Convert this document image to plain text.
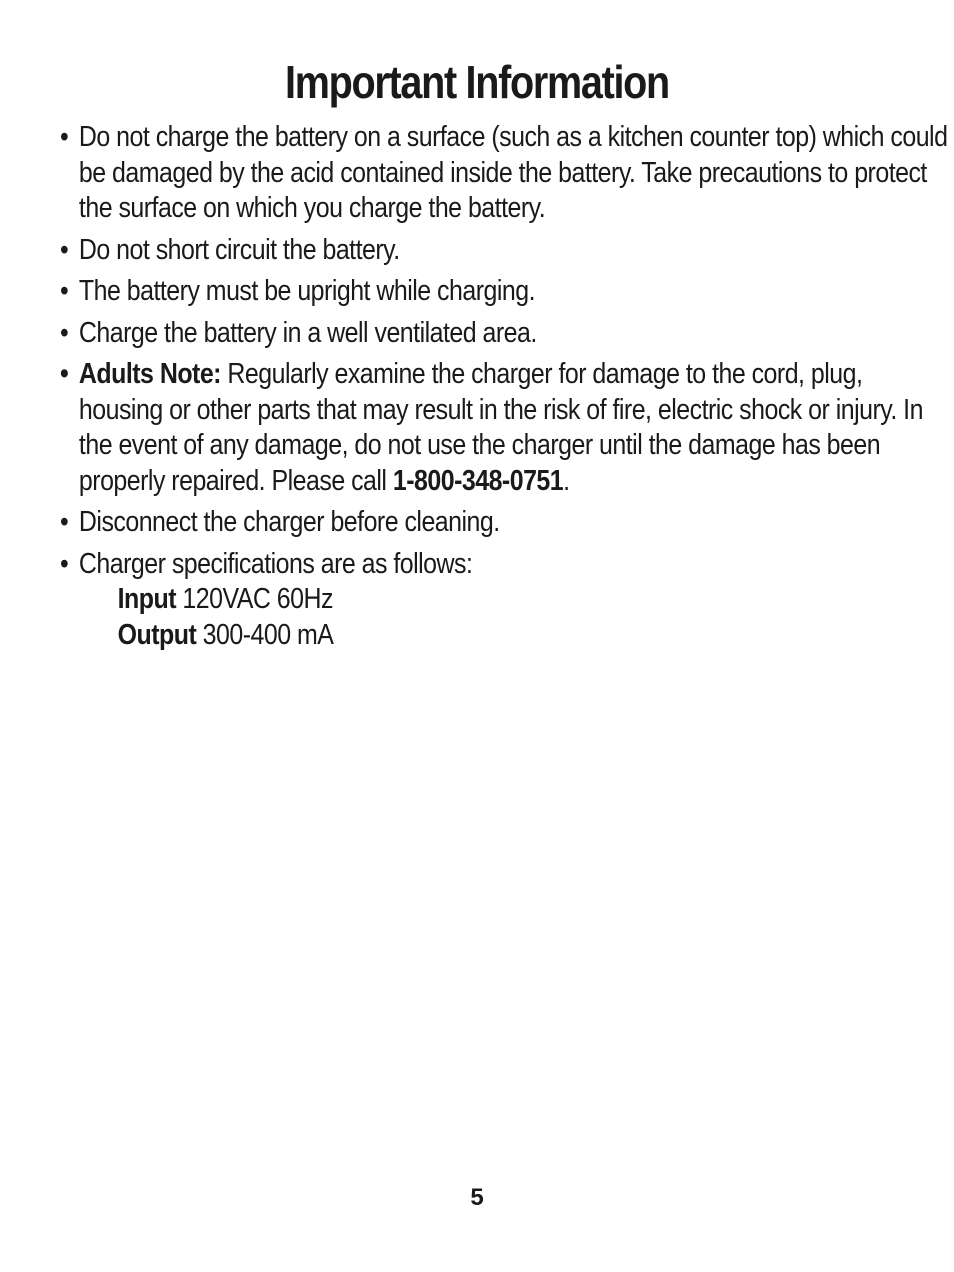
Important Information
• Do not charge the battery on a surface (such as a kitchen counter top) which could be damaged by the acid contained inside the battery. Take precautions to protect the surface on which you charge the battery.
• Do not short circuit the battery.
• The battery must be upright while charging.
• Charge the battery in a well ventilated area.
• Adults Note: Regularly examine the charger for damage to the cord, plug, housing or other parts that may result in the risk of fire, electric shock or injury. In the event of any damage, do not use the charger until the damage has been properly repaired. Please call 1-800-348-0751.
• Disconnect the charger before cleaning.
• Charger specifications are as follows:
Input 120VAC 60Hz
Output 300-400 mA
5
